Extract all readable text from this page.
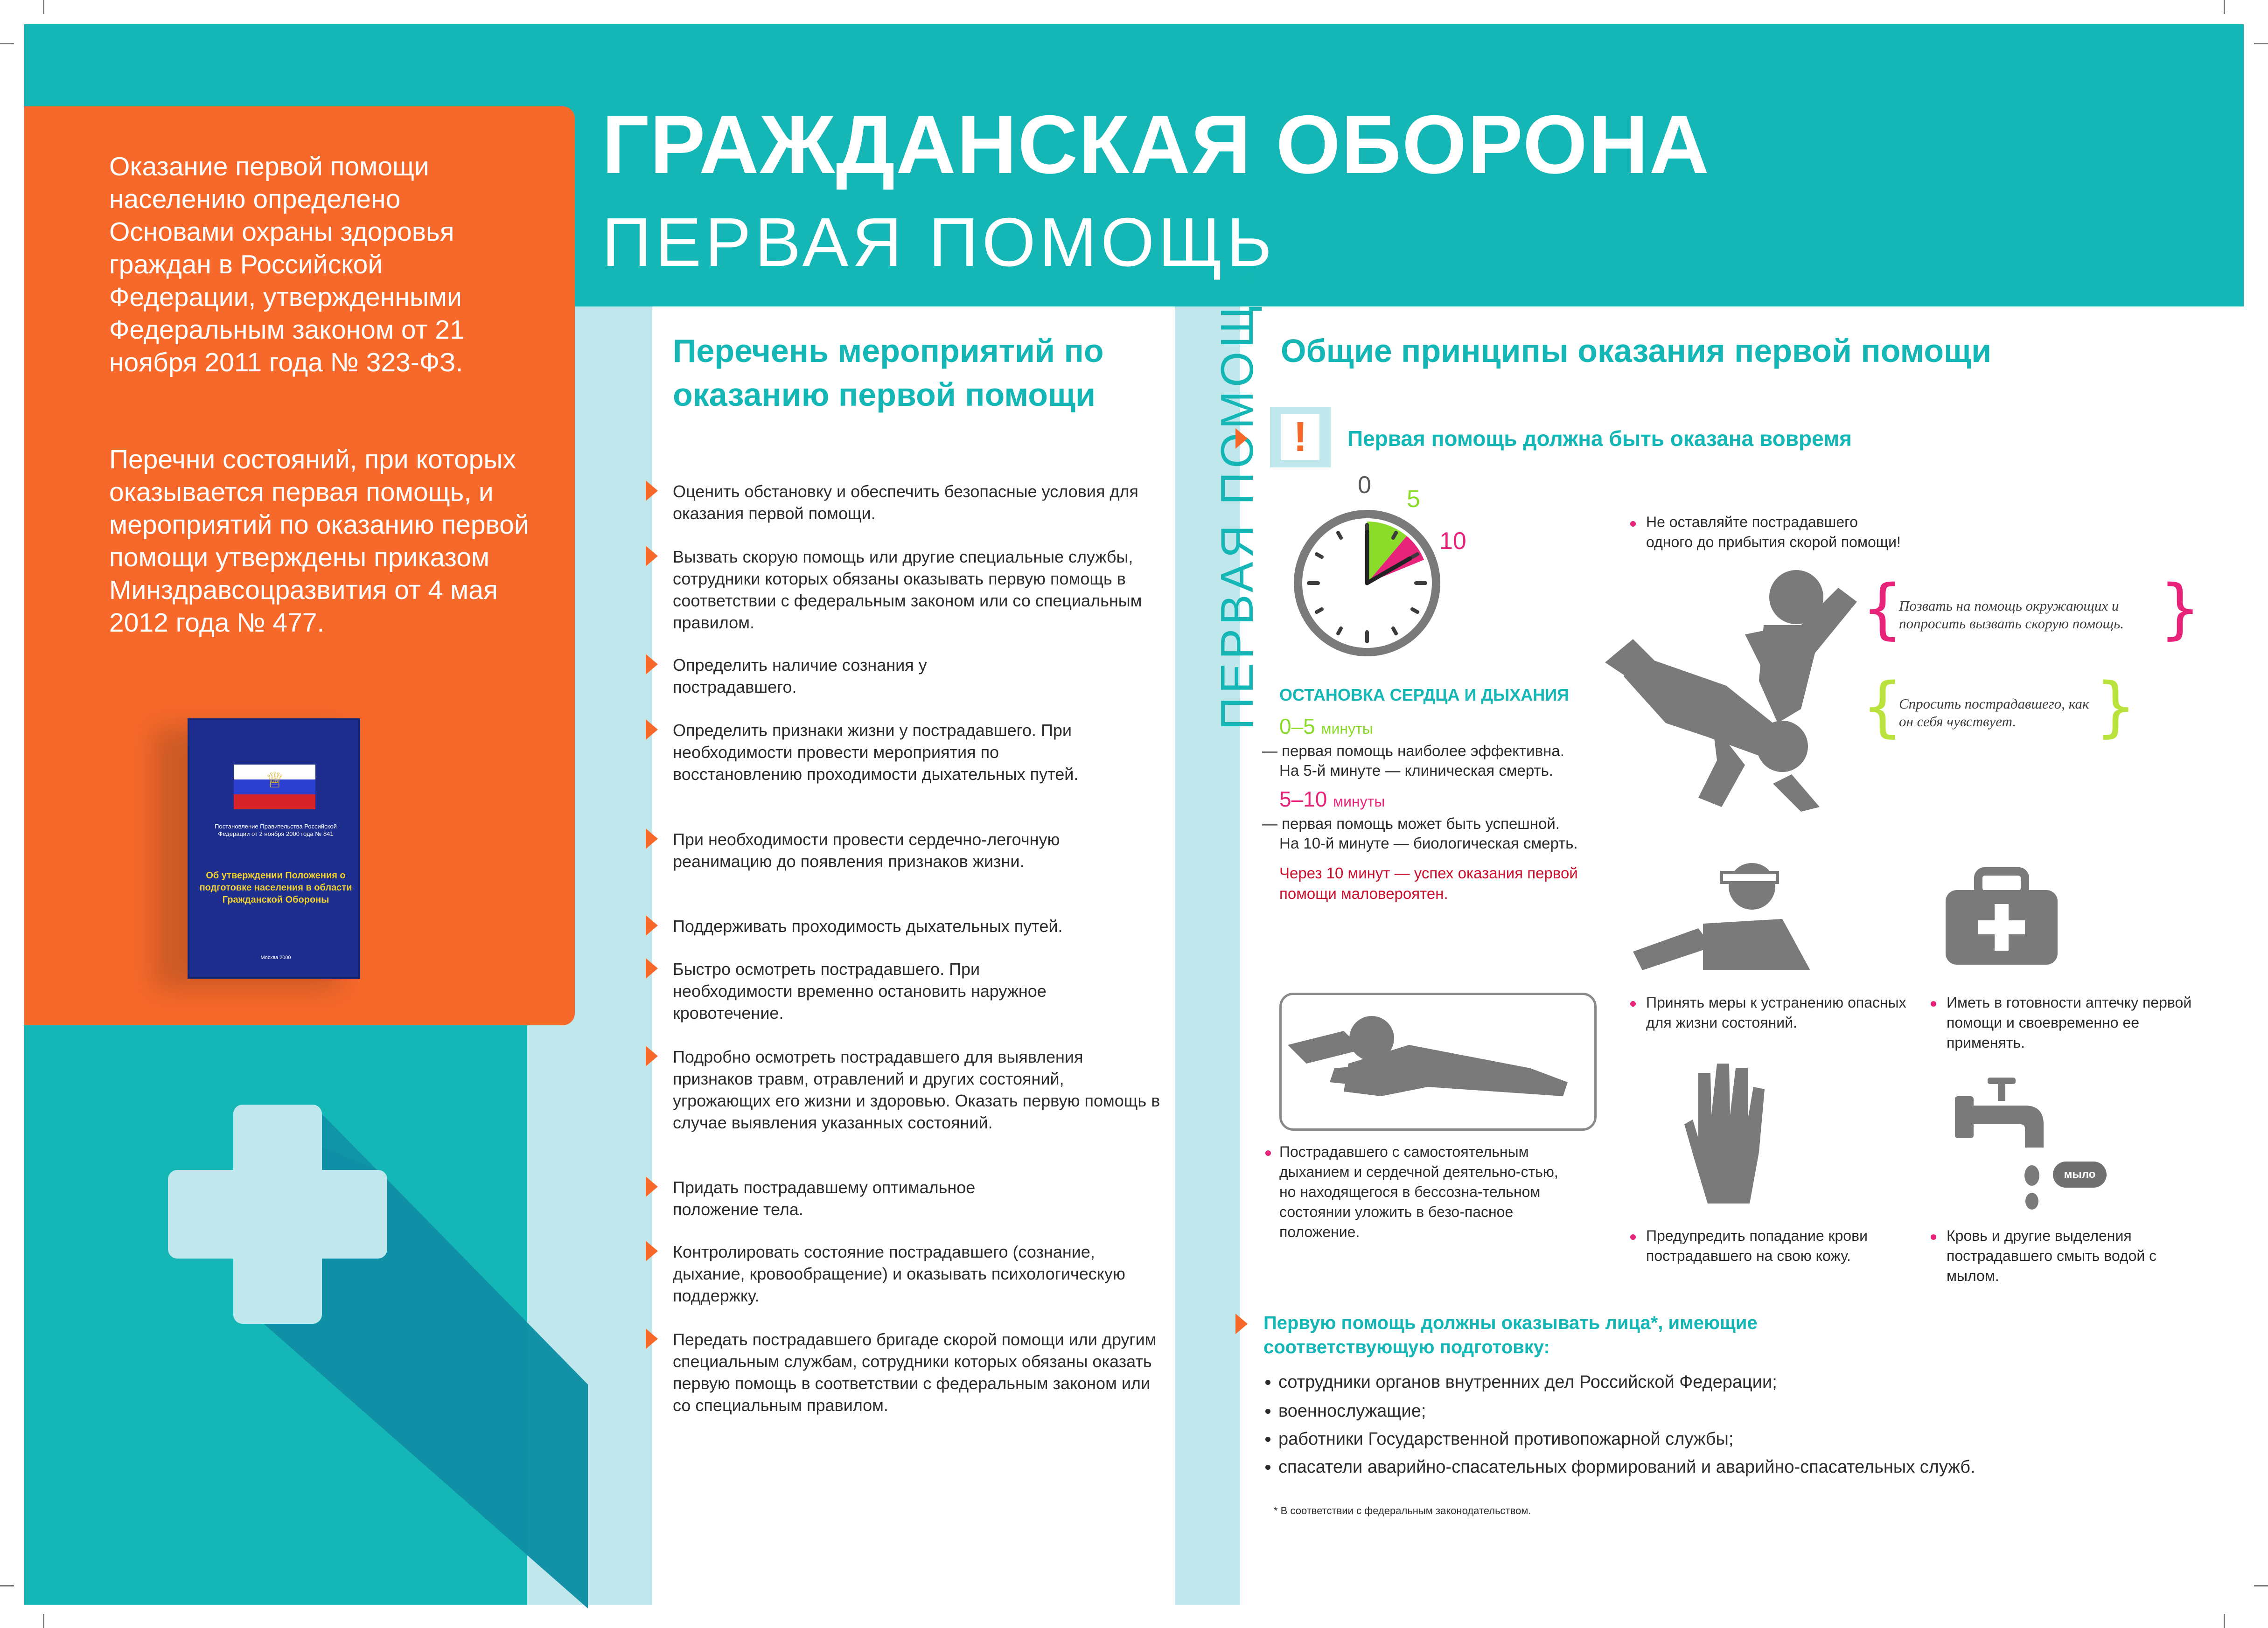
Оказание первой помощи населению определено Основами охраны здоровья граждан в Российской Федерации, утвержденными Федеральным законом от 21 ноября 2011 года № 323-ФЗ.
Перечни состояний, при которых оказывается первая помощь, и мероприятий по оказанию первой помощи утверждены приказом Минздравсоцразвития от 4 мая 2012 года № 477.
♕
Постановление Правительства Российской Федерации от 2 ноября 2000 года № 841
Об утверждении Положения о подготовке населения в области Гражданской Обороны
Москва 2000
ГРАЖДАНСКАЯ ОБОРОНА
ПЕРВАЯ ПОМОЩЬ
ПЕРВАЯ ПОМОЩЬ
Перечень мероприятий по оказанию первой помощи
Оценить обстановку и обеспечить безопасные условия для оказания первой помощи.
Вызвать скорую помощь или другие специальные службы, сотрудники которых обязаны оказывать первую помощь в соответствии с федеральным законом или со специальным правилом.
Определить наличие сознания у пострадавшего.
Определить признаки жизни у пострадавшего. При необходимости провести мероприятия по восстановлению проходимости дыхательных путей.
При необходимости провести сердечно-легочную реанимацию до появления признаков жизни.
Поддерживать проходимость дыхательных путей.
Быстро осмотреть пострадавшего. При необходимости временно остановить наружное кровотечение.
Подробно осмотреть пострадавшего для выявления признаков травм, отравлений и других состояний, угрожающих его жизни и здоровью. Оказать первую помощь в случае выявления указанных состояний.
Придать пострадавшему оптимальное положение тела.
Контролировать состояние пострадавшего (сознание, дыхание, кровообращение) и оказывать психологическую поддержку.
Передать пострадавшего бригаде скорой помощи или другим специальным службам, сотрудники которых обязаны оказать первую помощь в соответствии с федеральным законом или со специальным правилом.
Общие принципы оказания первой помощи
!	Первая помощь должна быть оказана вовремя
0
5
10
ОСТАНОВКА СЕРДЦА И ДЫХАНИЯ
0–5 минуты
— первая помощь наиболее эффективна.
На 5-й минуте — клиническая смерть.
5–10 минуты
— первая помощь может быть успешной.
На 10-й минуте — биологическая смерть.
Через 10 минут — успех оказания первой помощи маловероятен.
Не оставляйте пострадавшего одного до прибытия скорой помощи!
{
Позвать на помощь окружающих и попросить вызвать скорую помощь. }
{
Спросить пострадавшего, как он себя чувствует.	}
Пострадавшего с самостоятельным дыханием и сердечной деятельно-стью, но находящегося в бессозна-тельном состоянии уложить в безо-пасное положение.
Принять меры к устранению опасных для жизни состояний.
Иметь в готовности аптечку первой помощи и своевременно ее применять.
Предупредить попадание крови пострадавшего на свою кожу.
мыло
Кровь и другие выделения пострадавшего смыть водой с мылом.
Первую помощь должны оказывать лица*, имеющие соответствующую подготовку:
сотрудники органов внутренних дел Российской Федерации;
военнослужащие;
работники Государственной противопожарной службы;
спасатели аварийно-спасательных формирований и аварийно-спасательных служб.
* В соответствии с федеральным законодательством.
